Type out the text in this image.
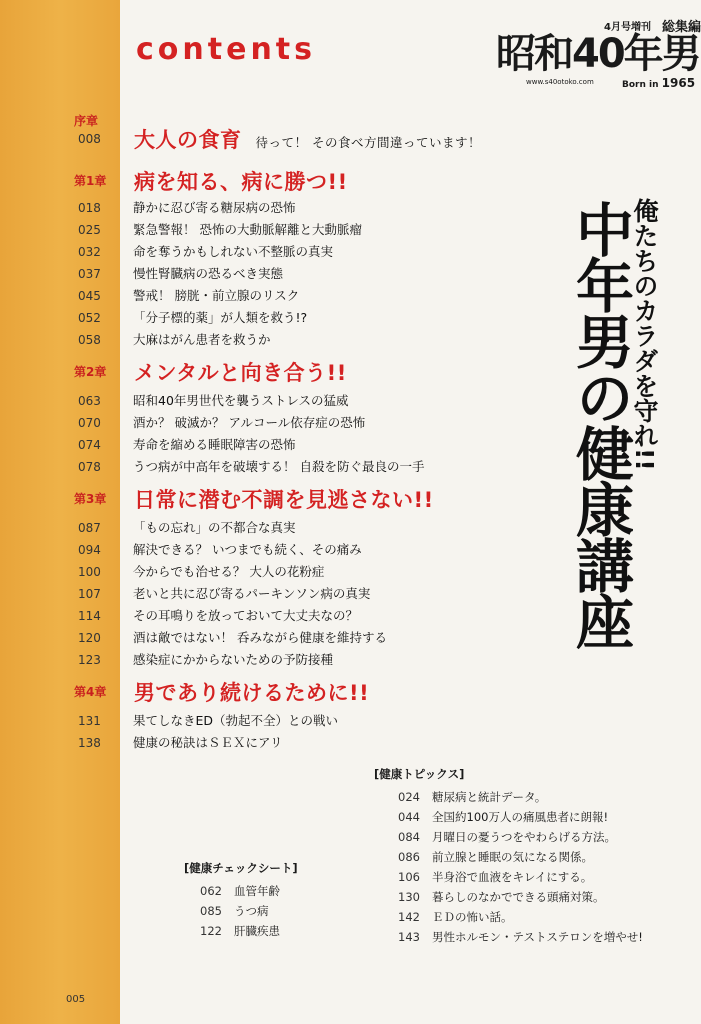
contents
4月号増刊 総集編
昭和40年男
www.s40otoko.com	Born in 1965
序章
008	大人の食育 待って！ その食べ方間違っています！
第1章 病を知る、病に勝つ!!
018	静かに忍び寄る糖尿病の恐怖
025	緊急警報！ 恐怖の大動脈解離と大動脈瘤
032	命を奪うかもしれない不整脈の真実
037	慢性腎臓病の恐るべき実態
045	警戒！ 膀胱・前立腺のリスク
052	「分子標的薬」が人類を救う!?
058	大麻はがん患者を救うか
第2章 メンタルと向き合う!!
063	昭和40年男世代を襲うストレスの猛威
070	酒か？ 破滅か？ アルコール依存症の恐怖
074	寿命を縮める睡眠障害の恐怖
078	うつ病が中高年を破壊する！ 自殺を防ぐ最良の一手
第3章 日常に潜む不調を見逃さない!!
087	「もの忘れ」の不都合な真実
094	解決できる？ いつまでも続く、その痛み
100	今からでも治せる？ 大人の花粉症
107	老いと共に忍び寄るパーキンソン病の真実
114	その耳鳴りを放っておいて大丈夫なの？
120	酒は敵ではない！ 呑みながら健康を維持する
123	感染症にかからないための予防接種
第4章 男であり続けるために!!
131	果てしなきED（勃起不全）との戦い
138	健康の秘訣はＳＥＸにアリ
俺たちのカラダを守れ!!
中年男の健康講座
[健康トピックス]
024	糖尿病と統計データ。
044	全国約100万人の痛風患者に朗報!
084	月曜日の憂うつをやわらげる方法。
086	前立腺と睡眠の気になる関係。
106	半身浴で血液をキレイにする。
130	暮らしのなかでできる頭痛対策。
142	ＥＤの怖い話。
143	男性ホルモン・テストステロンを増やせ!
[健康チェックシート]
062	血管年齢
085	うつ病
122	肝臓疾患
005
